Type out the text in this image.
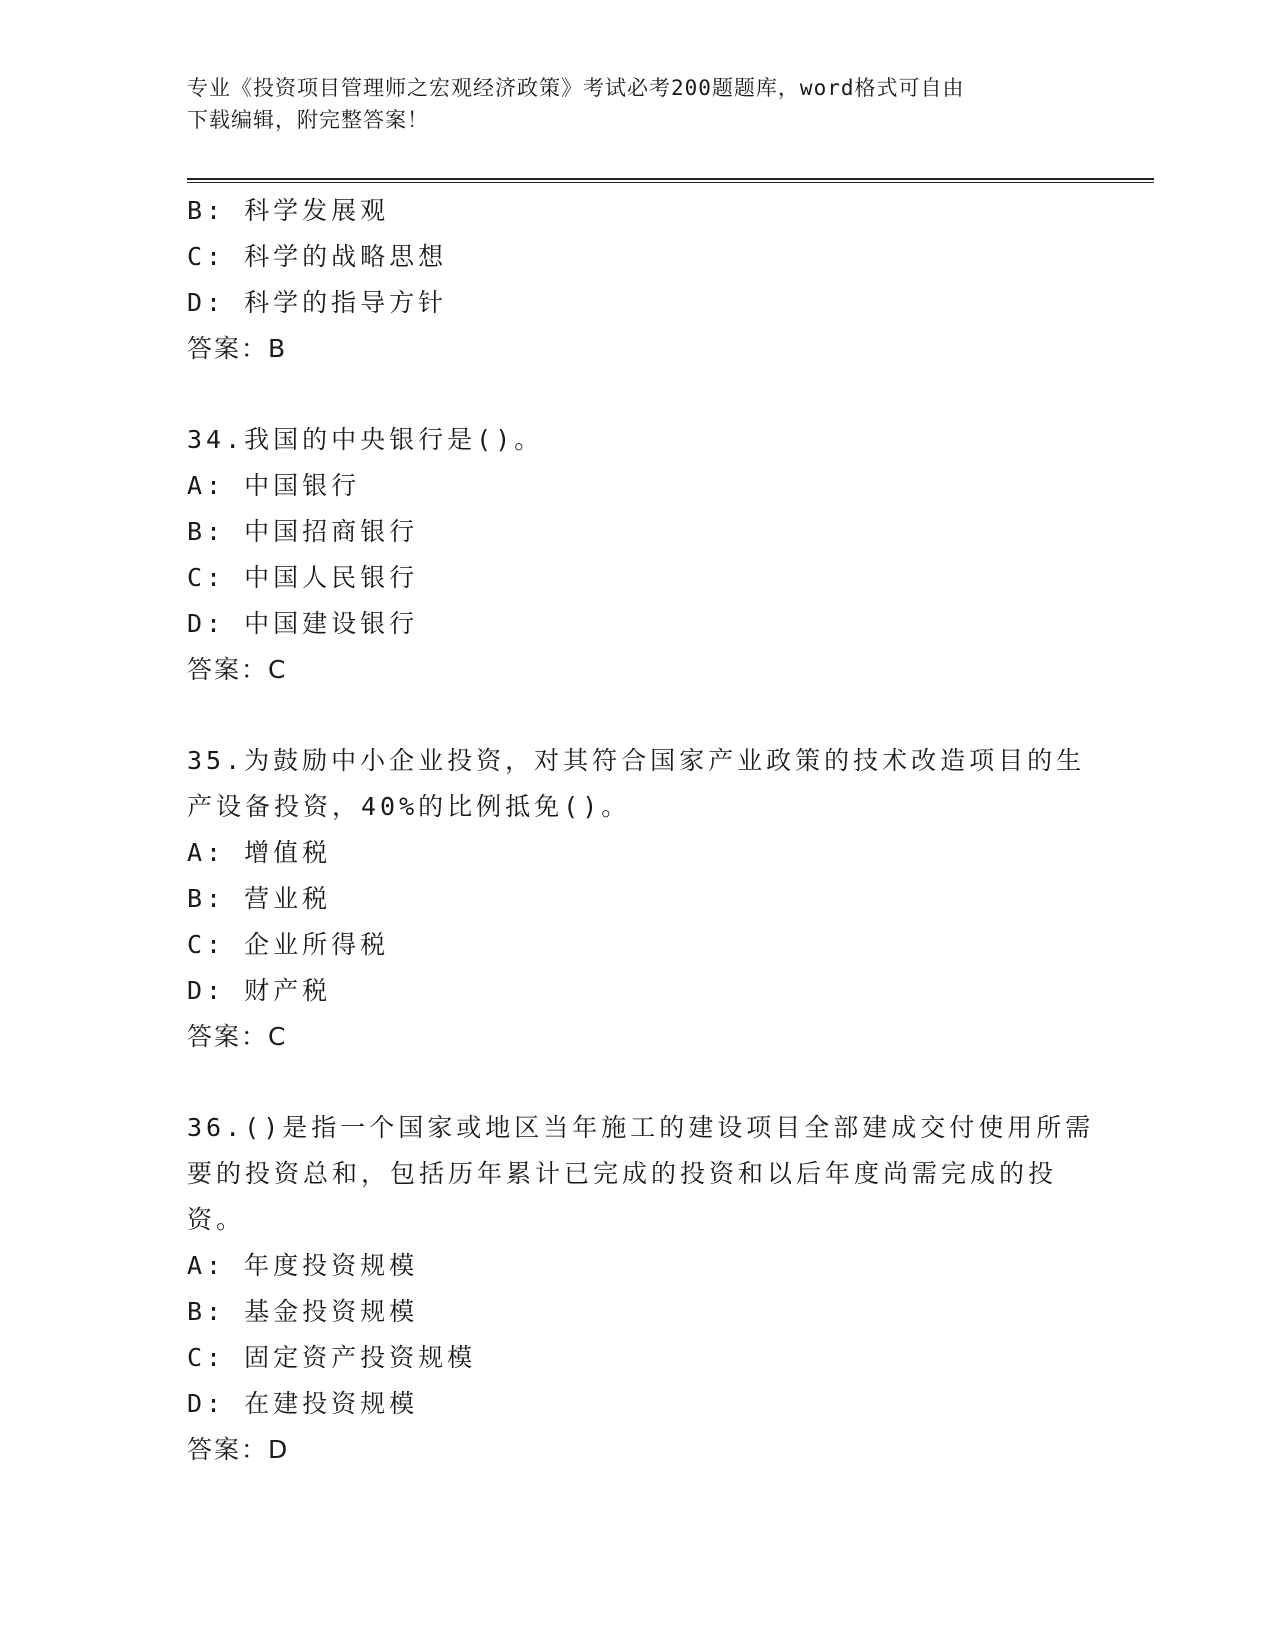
专业《投资项目管理师之宏观经济政策》考试必考200题题库，word格式可自由
下载编辑，附完整答案！
B: 科学发展观
C: 科学的战略思想
D: 科学的指导方针
答案：B
34.我国的中央银行是()。
A: 中国银行
B: 中国招商银行
C: 中国人民银行
D: 中国建设银行
答案：C
35.为鼓励中小企业投资，对其符合国家产业政策的技术改造项目的生
产设备投资，40%的比例抵免()。
A: 增值税
B: 营业税
C: 企业所得税
D: 财产税
答案：C
36.()是指一个国家或地区当年施工的建设项目全部建成交付使用所需
要的投资总和，包括历年累计已完成的投资和以后年度尚需完成的投
资。
A: 年度投资规模
B: 基金投资规模
C: 固定资产投资规模
D: 在建投资规模
答案：D
